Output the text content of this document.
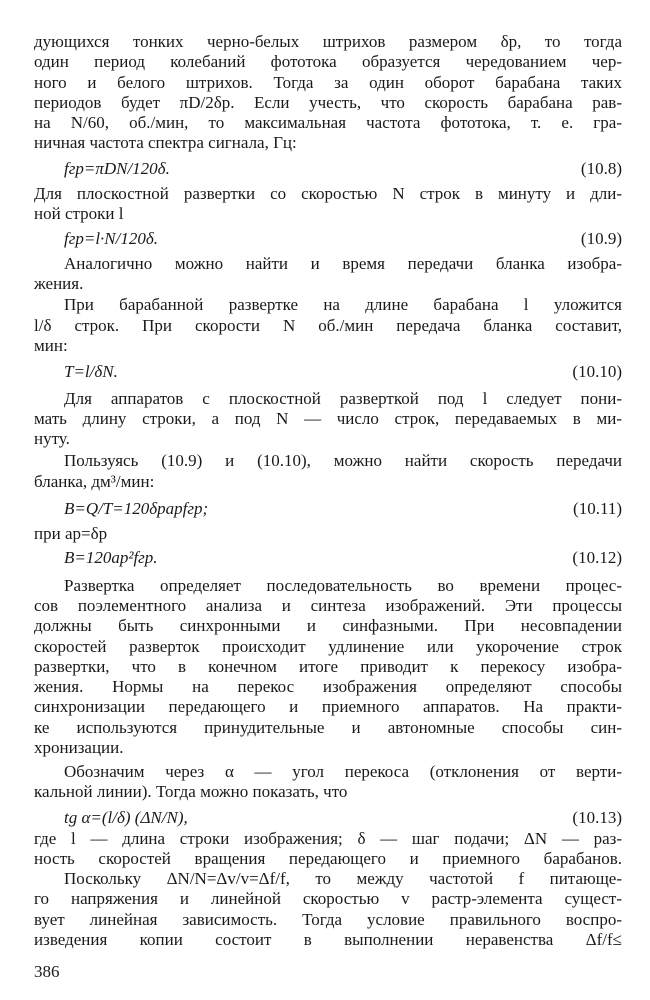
дующихся тонких черно-белых штрихов размером δр, то тогда
один период колебаний фототока образуется чередованием чер-
ного и белого штрихов. Тогда за один оборот барабана таких
периодов будет πD/2δр. Если учесть, что скорость барабана рав-
на N/60, об./мин, то максимальная частота фототока, т. е. гра-
ничная частота спектра сигнала, Гц:
fгр=πDN/120δ.	(10.8)
Для плоскостной развертки со скоростью N строк в минуту и дли-
ной строки l
fгр=l·N/120δ.	(10.9)
Аналогично можно найти и время передачи бланка изобра-
жения.
При барабанной развертке на длине барабана l уложится
l/δ строк. При скорости N об./мин передача бланка составит,
мин:
T=l/δN.	(10.10)
Для аппаратов с плоскостной разверткой под l следует пони-
мать длину строки, а под N — число строк, передаваемых в ми-
нуту.
Пользуясь (10.9) и (10.10), можно найти скорость передачи
бланка, дм³/мин:
B=Q/T=120δрaрfгр;	(10.11)
при aр=δр
B=120aр²fгр.	(10.12)
Развертка определяет последовательность во времени процес-
сов поэлементного анализа и синтеза изображений. Эти процессы
должны быть синхронными и синфазными. При несовпадении
скоростей разверток происходит удлинение или укорочение строк
развертки, что в конечном итоге приводит к перекосу изобра-
жения. Нормы на перекос изображения определяют способы
синхронизации передающего и приемного аппаратов. На практи-
ке используются принудительные и автономные способы син-
хронизации.
Обозначим через α — угол перекоса (отклонения от верти-
кальной линии). Тогда можно показать, что
tg α=(l/δ) (ΔN/N),	(10.13)
где l — длина строки изображения; δ — шаг подачи; ΔN — раз-
ность скоростей вращения передающего и приемного барабанов.
Поскольку ΔN/N=Δv/v=Δf/f, то между частотой f питающе-
го напряжения и линейной скоростью v растр-элемента сущест-
вует линейная зависимость. Тогда условие правильного воспро-
изведения копии состоит в выполнении неравенства Δf/f≤
386
